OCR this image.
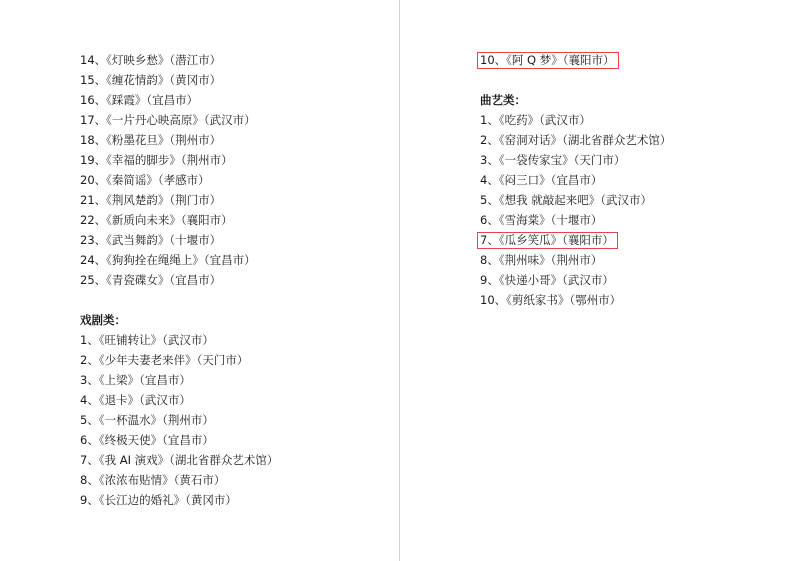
14、《灯映乡愁》（潜江市）
15、《缠花情韵》（黄冈市）
16、《踩霞》（宜昌市）
17、《一片丹心映高原》（武汉市）
18、《粉墨花旦》（荆州市）
19、《幸福的脚步》（荆州市）
20、《秦简谣》（孝感市）
21、《荆风楚韵》（荆门市）
22、《新质向未来》（襄阳市）
23、《武当舞韵》（十堰市）
24、《狗狗拴在绳绳上》（宜昌市）
25、《青瓷碟女》（宜昌市）
戏剧类：
1、《旺铺转让》（武汉市）
2、《少年夫妻老来伴》（天门市）
3、《上梁》（宜昌市）
4、《退卡》（武汉市）
5、《一杯温水》（荆州市）
6、《终极天使》（宜昌市）
7、《我 AI 演戏》（湖北省群众艺术馆）
8、《浓浓布贴情》（黄石市）
9、《长江边的婚礼》（黄冈市）
10、《阿 Q 梦》（襄阳市）
曲艺类：
1、《吃药》（武汉市）
2、《窑洞对话》（湖北省群众艺术馆）
3、《一袋传家宝》（天门市）
4、《闷三口》（宜昌市）
5、《想我 就敲起来吧》（武汉市）
6、《雪海棠》（十堰市）
7、《瓜乡笑瓜》（襄阳市）
8、《荆州味》（荆州市）
9、《快递小哥》（武汉市）
10、《剪纸家书》（鄂州市）
